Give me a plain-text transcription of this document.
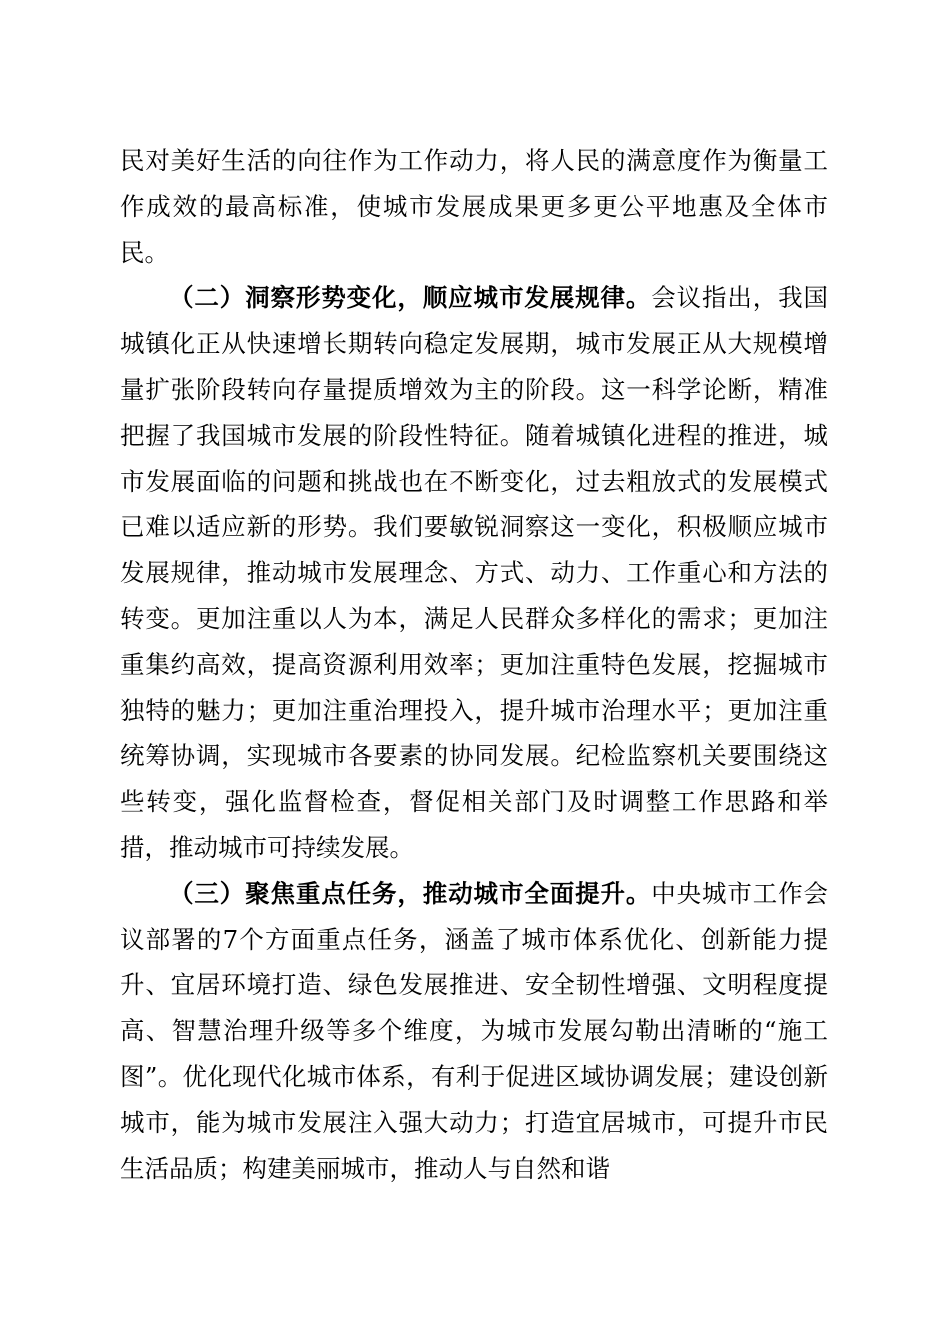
民对美好生活的向往作为工作动力，将人民的满意度作为衡量工作成效的最高标准，使城市发展成果更多更公平地惠及全体市民。

（二）洞察形势变化，顺应城市发展规律。会议指出，我国城镇化正从快速增长期转向稳定发展期，城市发展正从大规模增量扩张阶段转向存量提质增效为主的阶段。这一科学论断，精准把握了我国城市发展的阶段性特征。随着城镇化进程的推进，城市发展面临的问题和挑战也在不断变化，过去粗放式的发展模式已难以适应新的形势。我们要敏锐洞察这一变化，积极顺应城市发展规律，推动城市发展理念、方式、动力、工作重心和方法的转变。更加注重以人为本，满足人民群众多样化的需求；更加注重集约高效，提高资源利用效率；更加注重特色发展，挖掘城市独特的魅力；更加注重治理投入，提升城市治理水平；更加注重统筹协调，实现城市各要素的协同发展。纪检监察机关要围绕这些转变，强化监督检查，督促相关部门及时调整工作思路和举措，推动城市可持续发展。

（三）聚焦重点任务，推动城市全面提升。中央城市工作会议部署的7个方面重点任务，涵盖了城市体系优化、创新能力提升、宜居环境打造、绿色发展推进、安全韧性增强、文明程度提高、智慧治理升级等多个维度，为城市发展勾勒出清晰的“施工图”。优化现代化城市体系，有利于促进区域协调发展；建设创新城市，能为城市发展注入强大动力；打造宜居城市，可提升市民生活品质；构建美丽城市，推动人与自然和谐
